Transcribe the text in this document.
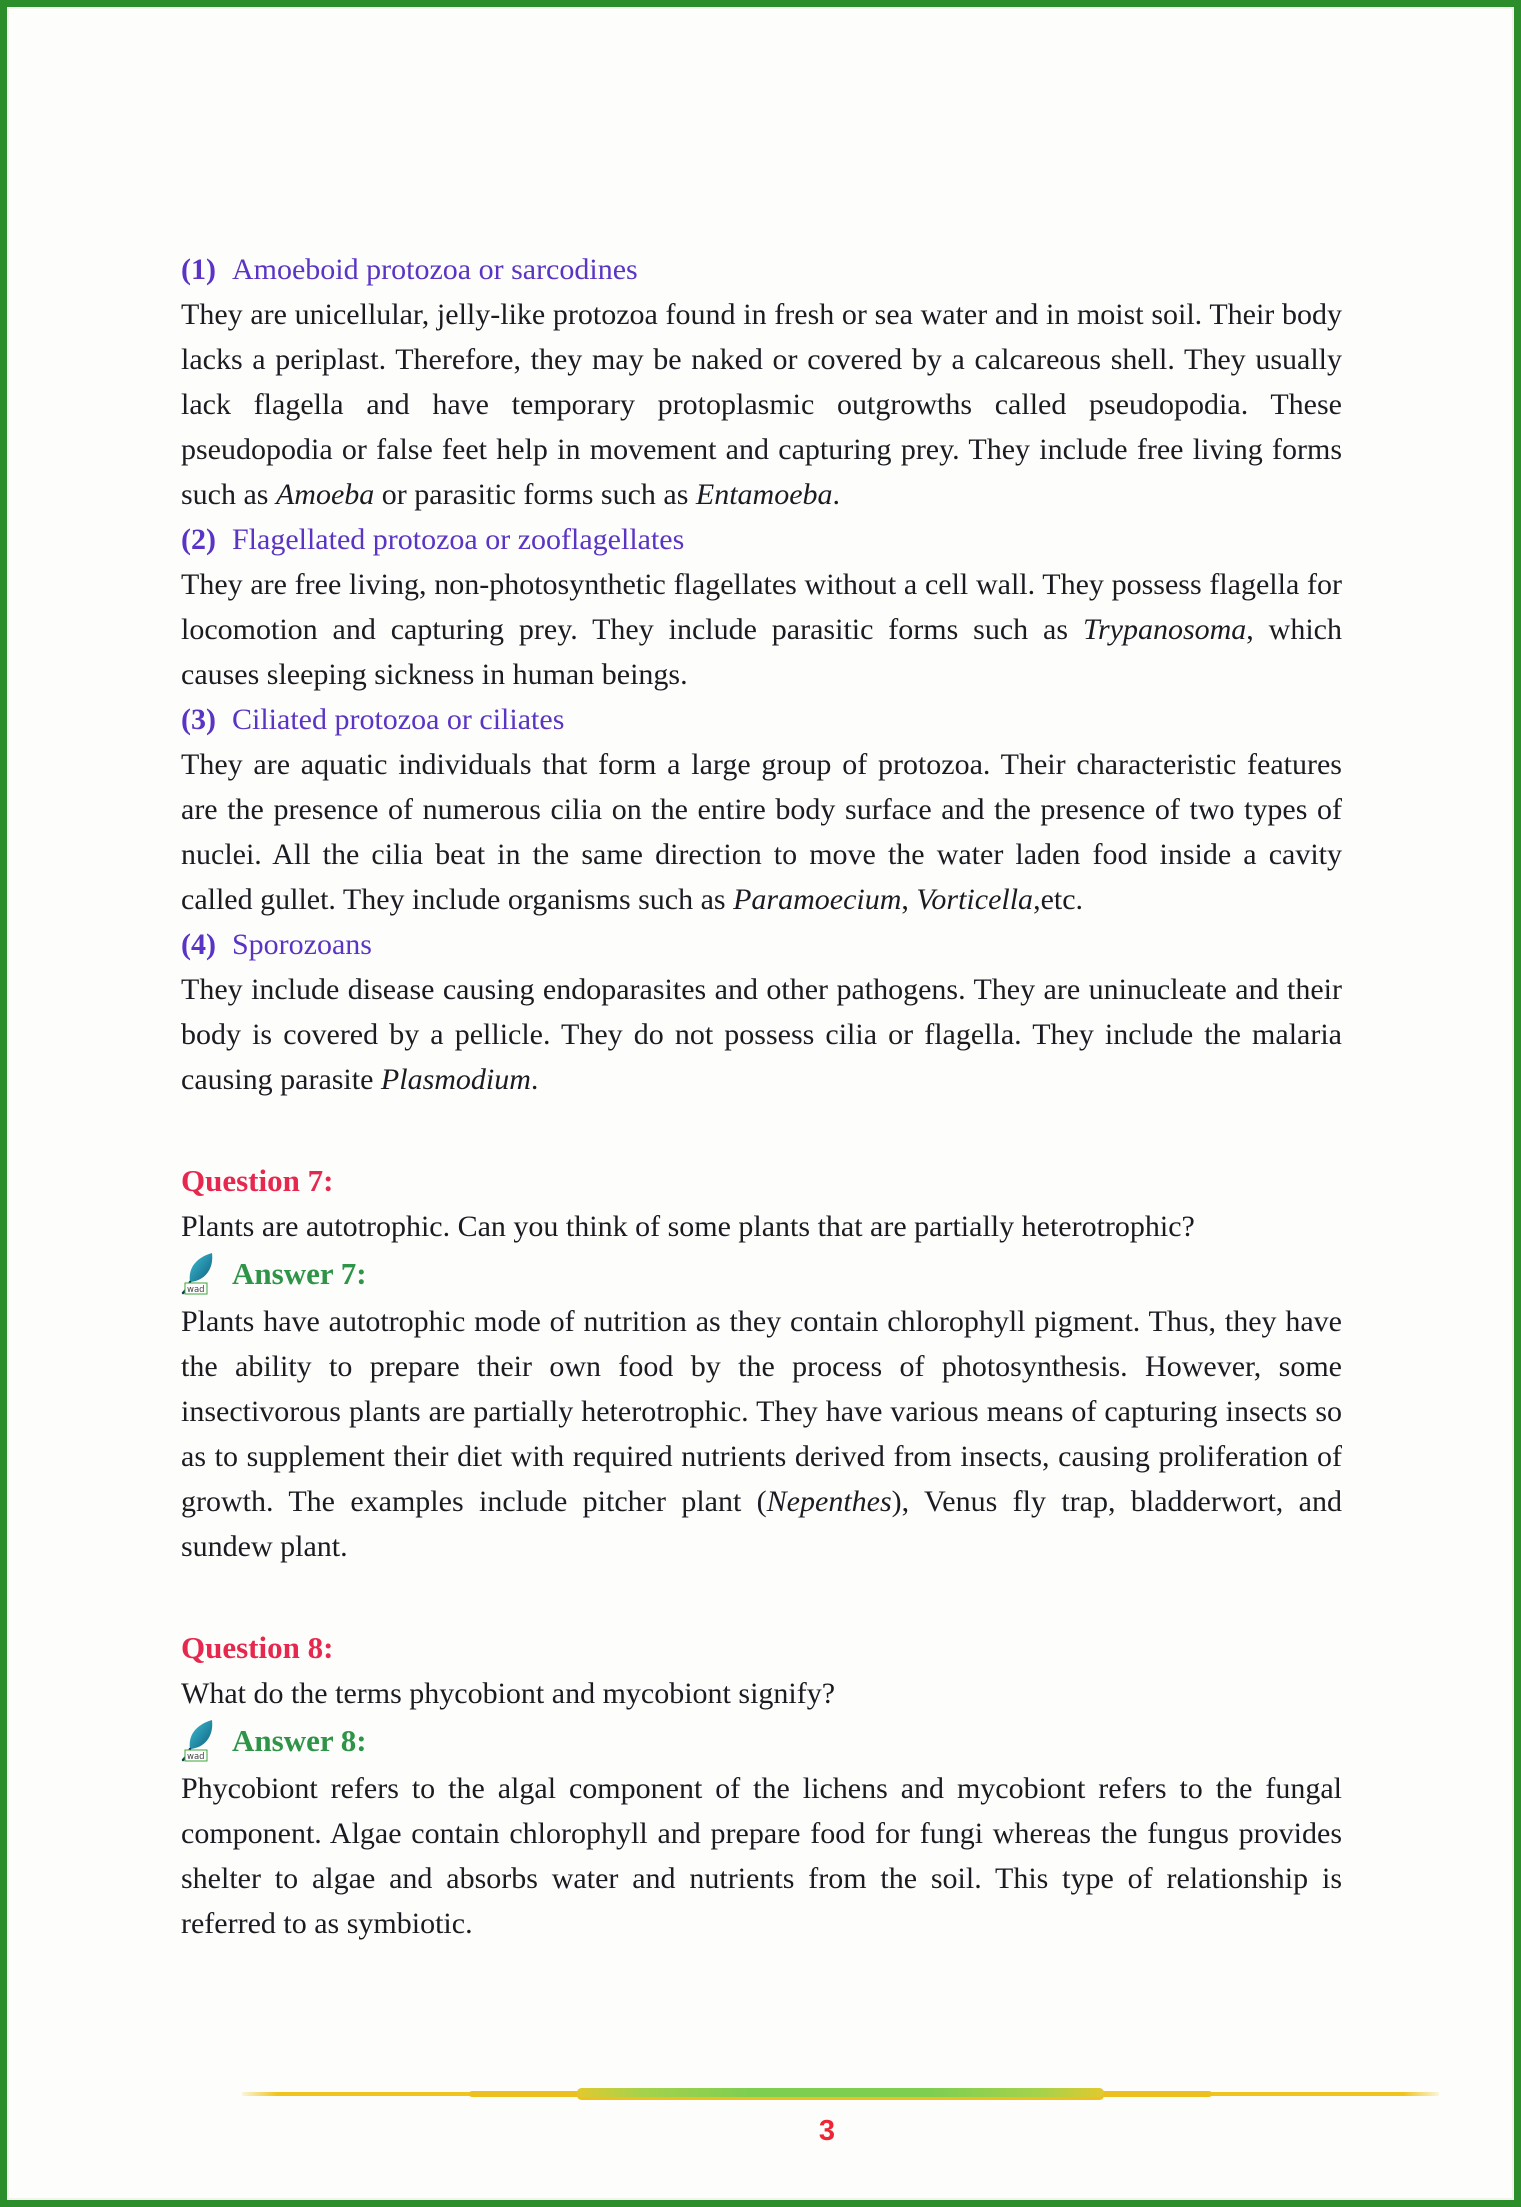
(1) Amoeboid protozoa or sarcodines

They are unicellular, jelly-like protozoa found in fresh or sea water and in moist soil. Their body lacks a periplast. Therefore, they may be naked or covered by a calcareous shell. They usually lack flagella and have temporary protoplasmic outgrowths called pseudopodia. These pseudopodia or false feet help in movement and capturing prey. They include free living forms such as Amoeba or parasitic forms such as Entamoeba.

(2) Flagellated protozoa or zooflagellates

They are free living, non-photosynthetic flagellates without a cell wall. They possess flagella for locomotion and capturing prey. They include parasitic forms such as Trypanosoma, which causes sleeping sickness in human beings.

(3) Ciliated protozoa or ciliates

They are aquatic individuals that form a large group of protozoa. Their characteristic features are the presence of numerous cilia on the entire body surface and the presence of two types of nuclei. All the cilia beat in the same direction to move the water laden food inside a cavity called gullet. They include organisms such as Paramoecium, Vorticella,etc.

(4) Sporozoans

They include disease causing endoparasites and other pathogens. They are uninucleate and their body is covered by a pellicle. They do not possess cilia or flagella. They include the malaria causing parasite Plasmodium.

Question 7:

Plants are autotrophic. Can you think of some plants that are partially heterotrophic?

wad Answer 7:

Plants have autotrophic mode of nutrition as they contain chlorophyll pigment. Thus, they have the ability to prepare their own food by the process of photosynthesis. However, some insectivorous plants are partially heterotrophic. They have various means of capturing insects so as to supplement their diet with required nutrients derived from insects, causing proliferation of growth. The examples include pitcher plant (Nepenthes), Venus fly trap, bladderwort, and sundew plant.

Question 8:

What do the terms phycobiont and mycobiont signify?

wad Answer 8:

Phycobiont refers to the algal component of the lichens and mycobiont refers to the fungal component. Algae contain chlorophyll and prepare food for fungi whereas the fungus provides shelter to algae and absorbs water and nutrients from the soil. This type of relationship is referred to as symbiotic.

3
